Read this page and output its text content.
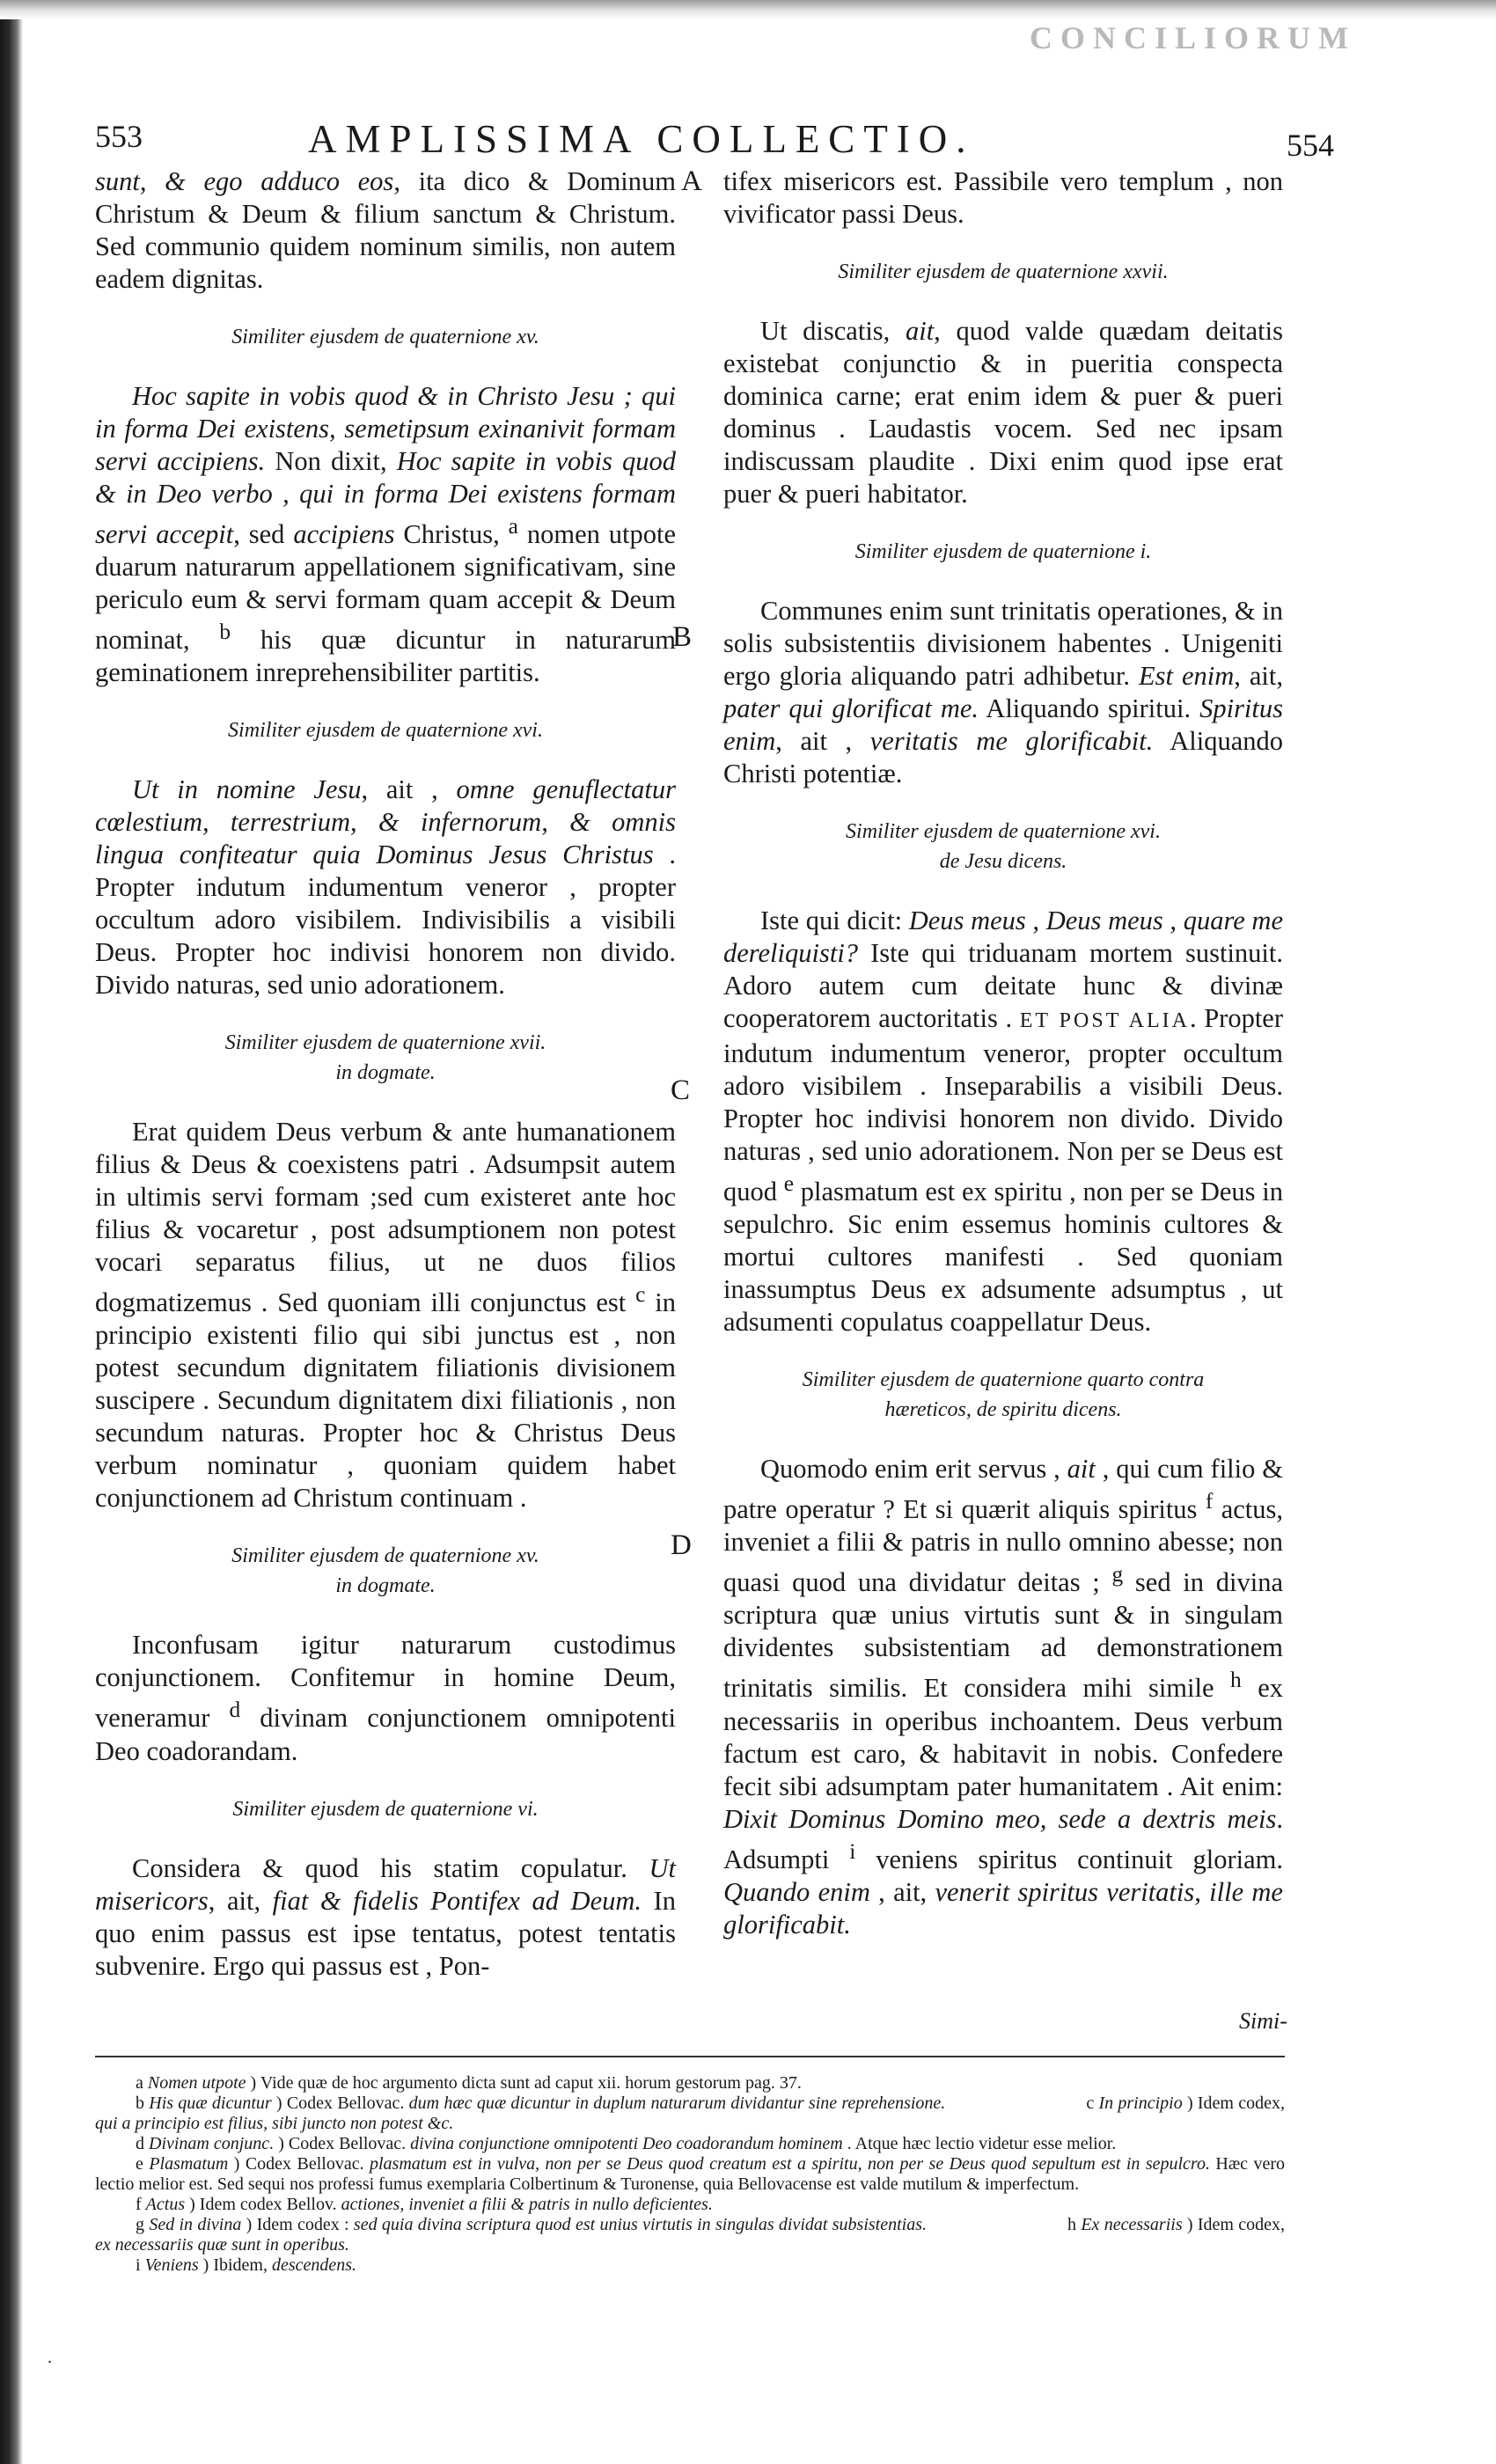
CONCILIORUM
553	AMPLISSIMA COLLECTIO.	554
A
B
C
D

sunt, & ego adduco eos, ita dico & Dominum Christum & Deum & filium sanctum & Christum. Sed communio quidem nominum similis, non autem eadem dignitas.

Similiter ejusdem de quaternione xv.

Hoc sapite in vobis quod & in Christo Jesu ; qui in forma Dei existens, semetipsum exinanivit formam servi accipiens. Non dixit, Hoc sapite in vobis quod & in Deo verbo , qui in forma Dei existens formam servi accepit, sed accipiens Christus, $^a$ nomen utpote duarum naturarum appellationem significativam, sine periculo eum & servi formam quam accepit & Deum nominat, $^b$ his quæ dicuntur in naturarum geminationem inreprehensibiliter partitis.

Similiter ejusdem de quaternione xvi.

Ut in nomine Jesu, ait , omne genuflectatur cœlestium, terrestrium, & infernorum, & omnis lingua confiteatur quia Dominus Jesus Christus . Propter indutum indumentum veneror , propter occultum adoro visibilem. Indivisibilis a visibili Deus. Propter hoc indivisi honorem non divido. Divido naturas, sed unio adorationem.

Similiter ejusdem de quaternione xvii.
in dogmate.

Erat quidem Deus verbum & ante humanationem filius & Deus & coexistens patri . Adsumpsit autem in ultimis servi formam ;sed cum existeret ante hoc filius & vocaretur , post adsumptionem non potest vocari separatus filius, ut ne duos filios dogmatizemus . Sed quoniam illi conjunctus est $^c$ in principio existenti filio qui sibi junctus est , non potest secundum dignitatem filiationis divisionem suscipere . Secundum dignitatem dixi filiationis , non secundum naturas. Propter hoc & Christus Deus verbum nominatur , quoniam quidem habet conjunctionem ad Christum continuam .

Similiter ejusdem de quaternione xv.
in dogmate.

Inconfusam igitur naturarum custodimus conjunctionem. Confitemur in homine Deum, veneramur $^d$ divinam conjunctionem omnipotenti Deo coadorandam.

Similiter ejusdem de quaternione vi.

Considera & quod his statim copulatur. Ut misericors, ait, fiat & fidelis Pontifex ad Deum. In quo enim passus est ipse tentatus, potest tentatis subvenire. Ergo qui passus est , Pon-

tifex misericors est. Passibile vero templum , non vivificator passi Deus.

Similiter ejusdem de quaternione xxvii.

Ut discatis, ait, quod valde quædam deitatis existebat conjunctio & in pueritia conspecta dominica carne; erat enim idem & puer & pueri dominus . Laudastis vocem. Sed nec ipsam indiscussam plaudite . Dixi enim quod ipse erat puer & pueri habitator.

Similiter ejusdem de quaternione i.

Communes enim sunt trinitatis operationes, & in solis subsistentiis divisionem habentes . Unigeniti ergo gloria aliquando patri adhibetur. Est enim, ait, pater qui glorificat me. Aliquando spiritui. Spiritus enim, ait , veritatis me glorificabit. Aliquando Christi potentiæ.

Similiter ejusdem de quaternione xvi.
de Jesu dicens.

Iste qui dicit: Deus meus , Deus meus , quare me dereliquisti? Iste qui triduanam mortem sustinuit. Adoro autem cum deitate hunc & divinæ cooperatorem auctoritatis . ET POST ALIA. Propter indutum indumentum veneror, propter occultum adoro visibilem . Inseparabilis a visibili Deus. Propter hoc indivisi honorem non divido. Divido naturas , sed unio adorationem. Non per se Deus est quod $^e$ plasmatum est ex spiritu , non per se Deus in sepulchro. Sic enim essemus hominis cultores & mortui cultores manifesti . Sed quoniam inassumptus Deus ex adsumente adsumptus , ut adsumenti copulatus coappellatur Deus.

Similiter ejusdem de quaternione quarto contra
hæreticos, de spiritu dicens.

Quomodo enim erit servus , ait , qui cum filio & patre operatur ? Et si quærit aliquis spiritus $^f$ actus, inveniet a filii & patris in nullo omnino abesse; non quasi quod una dividatur deitas ; $^g$ sed in divina scriptura quæ unius virtutis sunt & in singulam dividentes subsistentiam ad demonstrationem trinitatis similis. Et considera mihi simile $^h$ ex necessariis in operibus inchoantem. Deus verbum factum est caro, & habitavit in nobis. Confedere fecit sibi adsumptam pater humanitatem . Ait enim: Dixit Dominus Domino meo, sede a dextris meis. Adsumpti $^i$ veniens spiritus continuit gloriam. Quando enim , ait, venerit spiritus veritatis, ille me glorificabit.

Simi-

a Nomen utpote ) Vide quæ de hoc argumento dicta sunt ad caput xii. horum gestorum pag. 37.

b His quæ dicuntur ) Codex Bellovac. dum hæc quæ dicuntur in duplum naturarum dividantur sine reprehensione.	c In principio ) Idem codex, qui a principio est filius, sibi juncto non potest &c.

d Divinam conjunc. ) Codex Bellovac. divina conjunctione omnipotenti Deo coadorandum hominem . Atque hæc lectio videtur esse melior.

e Plasmatum ) Codex Bellovac. plasmatum est in vulva, non per se Deus quod creatum est a spiritu, non per se Deus quod sepultum est in sepulcro. Hæc vero lectio melior est. Sed sequi nos professi fumus exemplaria Colbertinum & Turonense, quia Bellovacense est valde mutilum & imperfectum.

f Actus ) Idem codex Bellov. actiones, inveniet a filii & patris in nullo deficientes.

g Sed in divina ) Idem codex : sed quia divina scriptura quod est unius virtutis in singulas dividat subsistentias.	h Ex necessariis ) Idem codex, ex necessariis quæ sunt in operibus.

i Veniens ) Ibidem, descendens.

.
